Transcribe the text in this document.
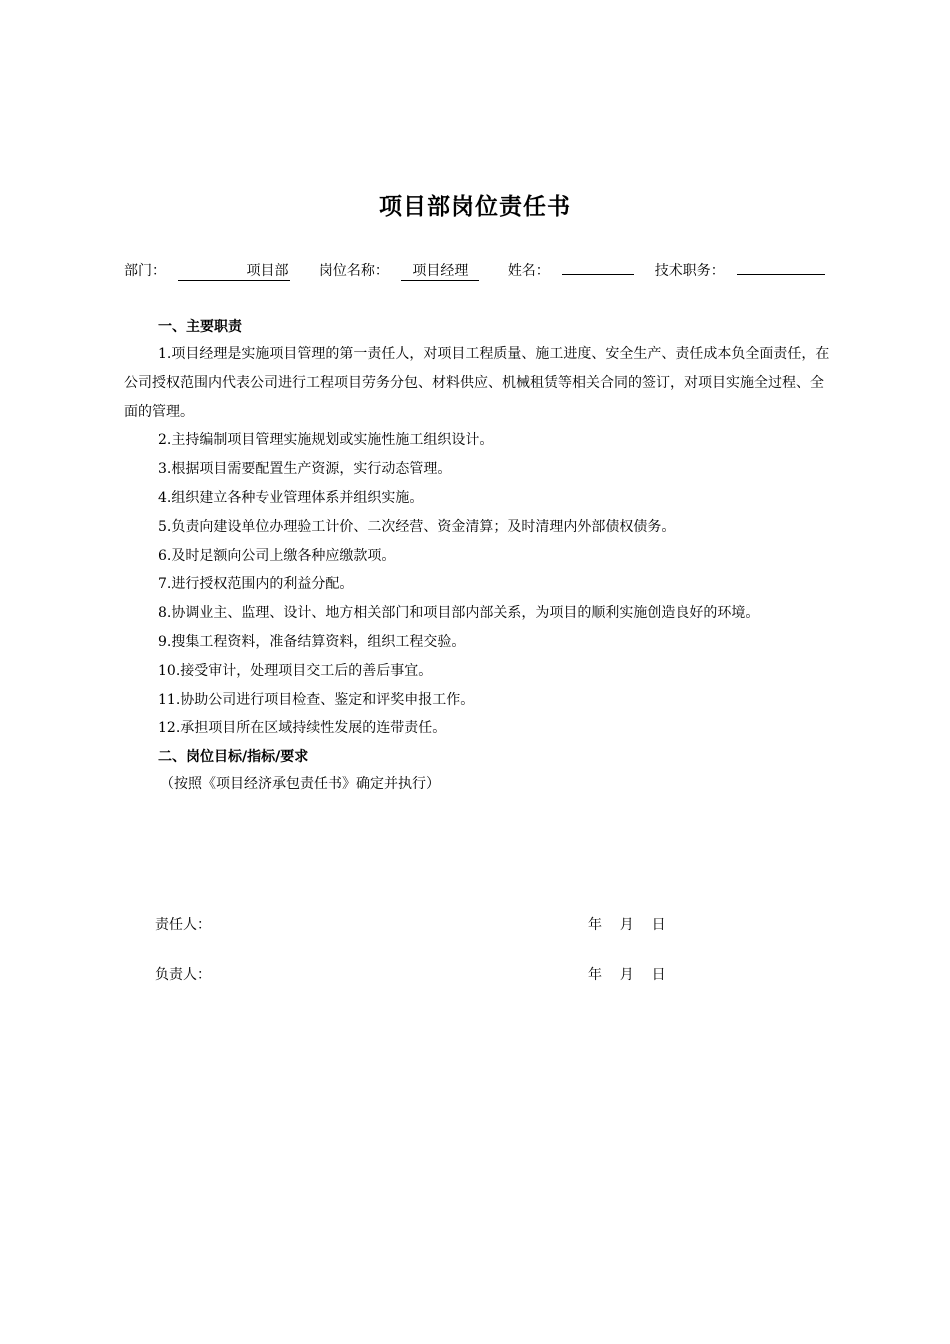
项目部岗位责任书
部门：	项目部 岗位名称： 项目经理	姓名：	技术职务：
一、主要职责

1.项目经理是实施项目管理的第一责任人，对项目工程质量、施工进度、安全生产、责任成本负全面责任，在公司授权范围内代表公司进行工程项目劳务分包、材料供应、机械租赁等相关合同的签订，对项目实施全过程、全面的管理。

2.主持编制项目管理实施规划或实施性施工组织设计。

3.根据项目需要配置生产资源，实行动态管理。

4.组织建立各种专业管理体系并组织实施。

5.负责向建设单位办理验工计价、二次经营、资金清算；及时清理内外部债权债务。

6.及时足额向公司上缴各种应缴款项。

7.进行授权范围内的利益分配。

8.协调业主、监理、设计、地方相关部门和项目部内部关系，为项目的顺利实施创造良好的环境。

9.搜集工程资料，准备结算资料，组织工程交验。

10.接受审计，处理项目交工后的善后事宜。

11.协助公司进行项目检查、鉴定和评奖申报工作。

12.承担项目所在区域持续性发展的连带责任。

二、岗位目标/指标/要求
（按照《项目经济承包责任书》确定并执行）
责任人：	年    月    日
负责人：	年    月    日
